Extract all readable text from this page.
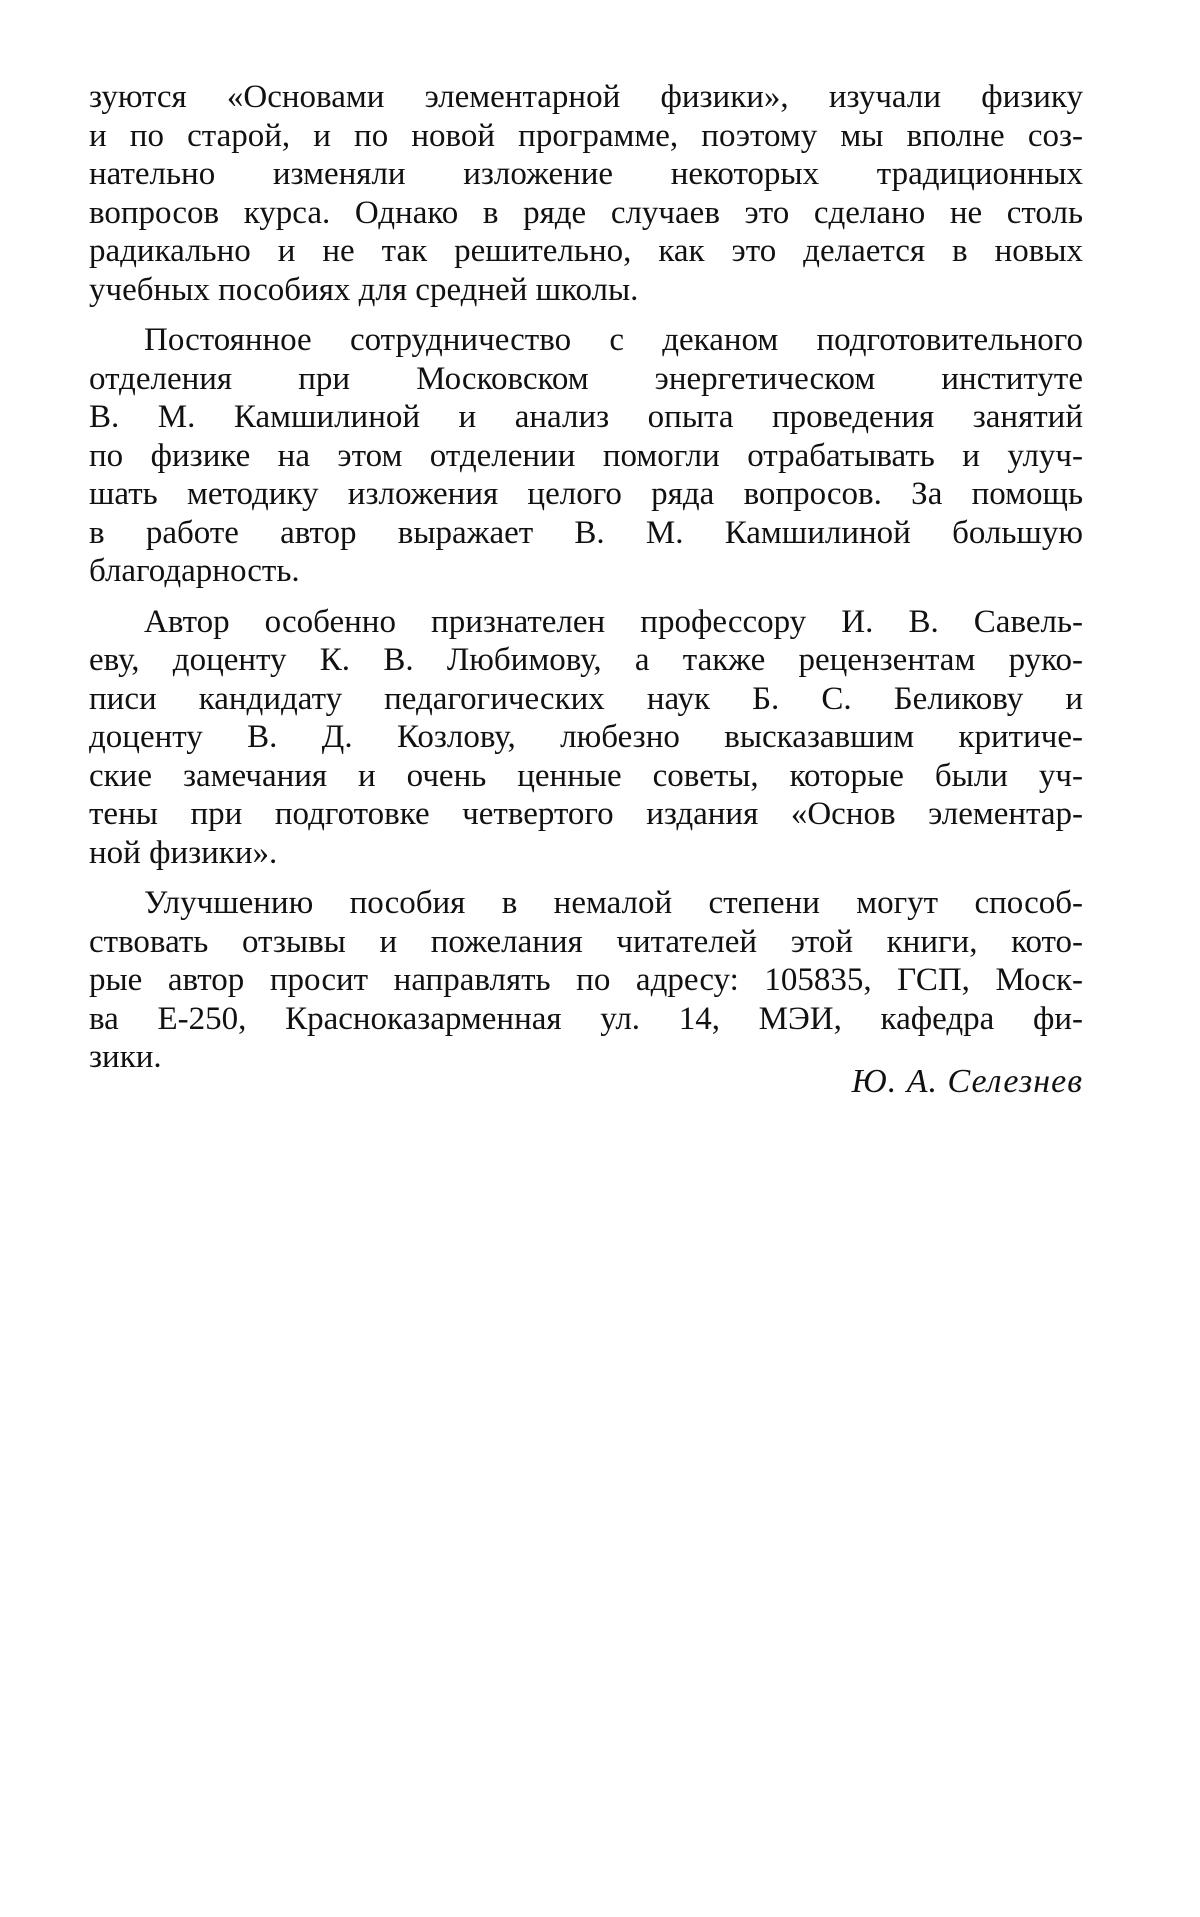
зуются «Основами элементарной физики», изучали физику
и по старой, и по новой программе, поэтому мы вполне соз-
нательно изменяли изложение некоторых традиционных
вопросов курса. Однако в ряде случаев это сделано не столь
радикально и не так решительно, как это делается в новых
учебных пособиях для средней школы.

Постоянное сотрудничество с деканом подготовительного
отделения при Московском энергетическом институте
В. М. Камшилиной и анализ опыта проведения занятий
по физике на этом отделении помогли отрабатывать и улуч-
шать методику изложения целого ряда вопросов. За помощь
в работе автор выражает В. М. Камшилиной большую
благодарность.

Автор особенно признателен профессору И. В. Савель-
еву, доценту К. В. Любимову, а также рецензентам руко-
писи кандидату педагогических наук Б. С. Беликову и
доценту В. Д. Козлову, любезно высказавшим критиче-
ские замечания и очень ценные советы, которые были уч-
тены при подготовке четвертого издания «Основ элементар-
ной физики».

Улучшению пособия в немалой степени могут способ-
ствовать отзывы и пожелания читателей этой книги, кото-
рые автор просит направлять по адресу: 105835, ГСП, Моск-
ва Е-250, Красноказарменная ул. 14, МЭИ, кафедра фи-
зики.

Ю. А. Селезнев
